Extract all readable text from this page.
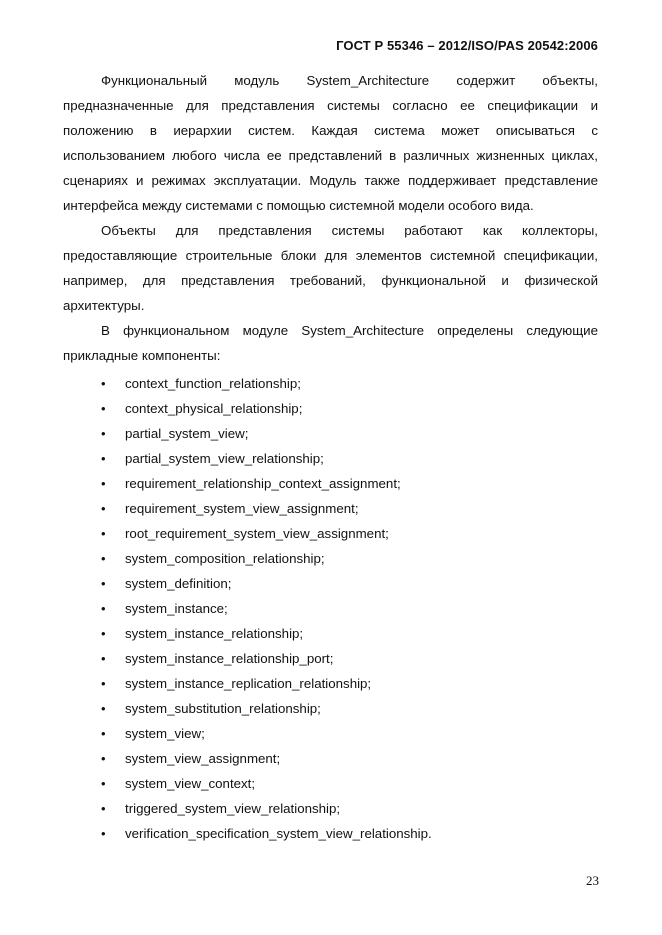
ГОСТ Р 55346 – 2012/ISO/PAS 20542:2006

Функциональный модуль System_Architecture содержит объекты, предназначенные для представления системы согласно ее спецификации и положению в иерархии систем. Каждая система может описываться с использованием любого числа ее представлений в различных жизненных циклах, сценариях и режимах эксплуатации. Модуль также поддерживает представление интерфейса между системами с помощью системной модели особого вида.

Объекты для представления системы работают как коллекторы, предоставляющие строительные блоки для элементов системной спецификации, например, для представления требований, функциональной и физической архитектуры.

В функциональном модуле System_Architecture определены следующие прикладные компоненты:

• context_function_relationship;
• context_physical_relationship;
• partial_system_view;
• partial_system_view_relationship;
• requirement_relationship_context_assignment;
• requirement_system_view_assignment;
• root_requirement_system_view_assignment;
• system_composition_relationship;
• system_definition;
• system_instance;
• system_instance_relationship;
• system_instance_relationship_port;
• system_instance_replication_relationship;
• system_substitution_relationship;
• system_view;
• system_view_assignment;
• system_view_context;
• triggered_system_view_relationship;
• verification_specification_system_view_relationship.
23
